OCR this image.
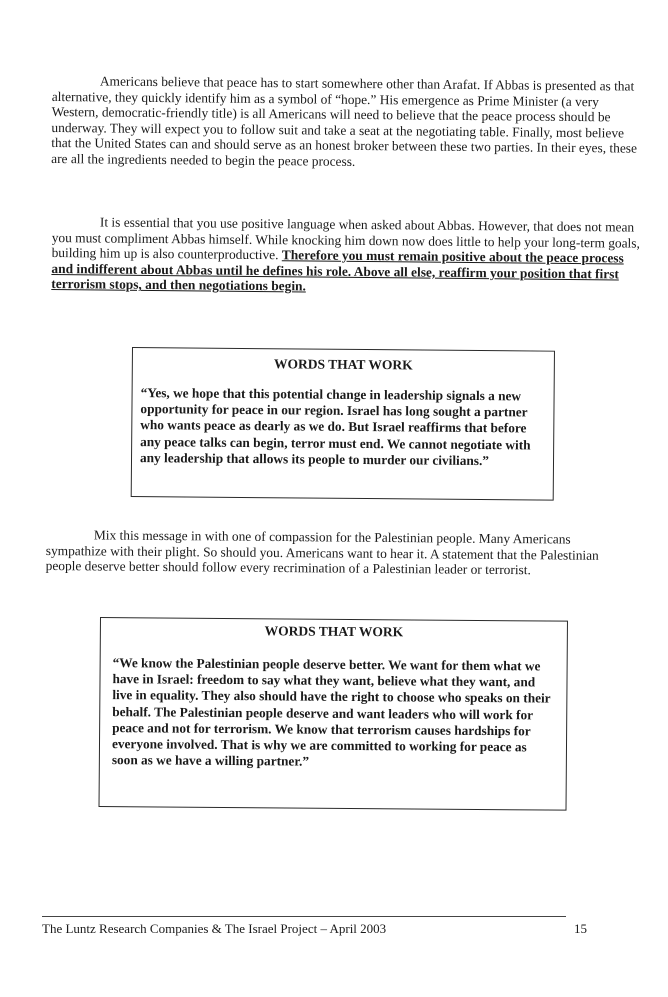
Americans believe that peace has to start somewhere other than Arafat. If Abbas is presented as that alternative, they quickly identify him as a symbol of “hope.” His emergence as Prime Minister (a very Western, democratic-friendly title) is all Americans will need to believe that the peace process should be underway. They will expect you to follow suit and take a seat at the negotiating table. Finally, most believe that the United States can and should serve as an honest broker between these two parties. In their eyes, these are all the ingredients needed to begin the peace process.

It is essential that you use positive language when asked about Abbas. However, that does not mean you must compliment Abbas himself. While knocking him down now does little to help your long-term goals, building him up is also counterproductive. Therefore you must remain positive about the peace process and indifferent about Abbas until he defines his role. Above all else, reaffirm your position that first terrorism stops, and then negotiations begin.

WORDS THAT WORK

“Yes, we hope that this potential change in leadership signals a new opportunity for peace in our region. Israel has long sought a partner who wants peace as dearly as we do. But Israel reaffirms that before any peace talks can begin, terror must end. We cannot negotiate with any leadership that allows its people to murder our civilians.”

Mix this message in with one of compassion for the Palestinian people. Many Americans sympathize with their plight. So should you. Americans want to hear it. A statement that the Palestinian people deserve better should follow every recrimination of a Palestinian leader or terrorist.

WORDS THAT WORK

“We know the Palestinian people deserve better. We want for them what we have in Israel: freedom to say what they want, believe what they want, and live in equality. They also should have the right to choose who speaks on their behalf. The Palestinian people deserve and want leaders who will work for peace and not for terrorism. We know that terrorism causes hardships for everyone involved. That is why we are committed to working for peace as soon as we have a willing partner.”

The Luntz Research Companies & The Israel Project – April 2003	15
